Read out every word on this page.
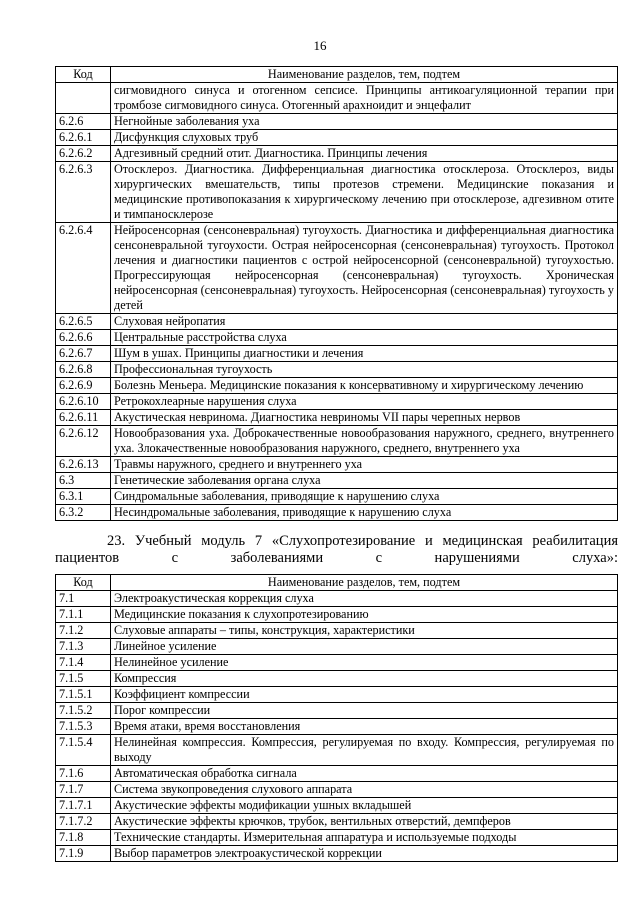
16
Код	Наименование разделов, тем, подтем
	сигмовидного синуса и отогенном сепсисе. Принципы антикоагуляционной терапии при тромбозе сигмовидного синуса. Отогенный арахноидит и энцефалит
6.2.6	Негнойные заболевания уха
6.2.6.1	Дисфункция слуховых труб
6.2.6.2	Адгезивный средний отит. Диагностика. Принципы лечения
6.2.6.3	Отосклероз. Диагностика. Дифференциальная диагностика отосклероза. Отосклероз, виды хирургических вмешательств, типы протезов стремени. Медицинские показания и медицинские противопоказания к хирургическому лечению при отосклерозе, адгезивном отите и тимпаносклерозе
6.2.6.4	Нейросенсорная (сенсоневральная) тугоухость. Диагностика и дифференциальная диагностика сенсоневральной тугоухости. Острая нейросенсорная (сенсоневральная) тугоухость. Протокол лечения и диагностики пациентов с острой нейросенсорной (сенсоневральной) тугоухостью. Прогрессирующая нейросенсорная (сенсоневральная) тугоухость. Хроническая нейросенсорная (сенсоневральная) тугоухость. Нейросенсорная (сенсоневральная) тугоухость у детей
6.2.6.5	Слуховая нейропатия
6.2.6.6	Центральные расстройства слуха
6.2.6.7	Шум в ушах. Принципы диагностики и лечения
6.2.6.8	Профессиональная тугоухость
6.2.6.9	Болезнь Меньера. Медицинские показания к консервативному и хирургическому лечению
6.2.6.10	Ретрокохлеарные нарушения слуха
6.2.6.11	Акустическая невринома. Диагностика невриномы VII пары черепных нервов
6.2.6.12	Новообразования уха. Доброкачественные новообразования наружного, среднего, внутреннего уха. Злокачественные новообразования наружного, среднего, внутреннего уха
6.2.6.13	Травмы наружного, среднего и внутреннего уха
6.3	Генетические заболевания органа слуха
6.3.1	Синдромальные заболевания, приводящие к нарушению слуха
6.3.2	Несиндромальные заболевания, приводящие к нарушению слуха
23. Учебный модуль 7 «Слухопротезирование и медицинская реабилитация пациентов с заболеваниями с нарушениями слуха»:
Код	Наименование разделов, тем, подтем
7.1	Электроакустическая коррекция слуха
7.1.1	Медицинские показания к слухопротезированию
7.1.2	Слуховые аппараты – типы, конструкция, характеристики
7.1.3	Линейное усиление
7.1.4	Нелинейное усиление
7.1.5	Компрессия
7.1.5.1	Коэффициент компрессии
7.1.5.2	Порог компрессии
7.1.5.3	Время атаки, время восстановления
7.1.5.4	Нелинейная компрессия. Компрессия, регулируемая по входу. Компрессия, регулируемая по выходу
7.1.6	Автоматическая обработка сигнала
7.1.7	Система звукопроведения слухового аппарата
7.1.7.1	Акустические эффекты модификации ушных вкладышей
7.1.7.2	Акустические эффекты крючков, трубок, вентильных отверстий, демпферов
7.1.8	Технические стандарты. Измерительная аппаратура и используемые подходы
7.1.9	Выбор параметров электроакустической коррекции
